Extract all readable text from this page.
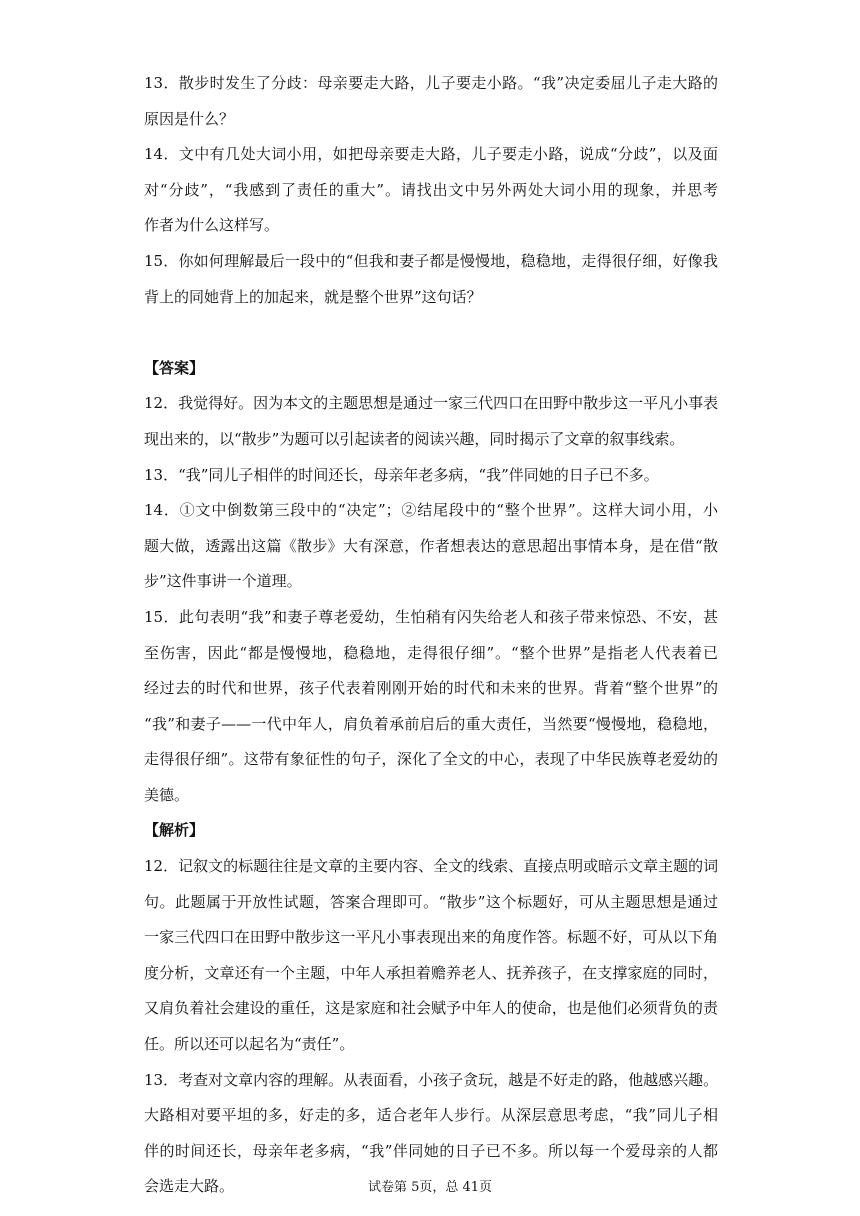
13．散步时发生了分歧：母亲要走大路，儿子要走小路。“我”决定委屈儿子走大路的
原因是什么？
14．文中有几处大词小用，如把母亲要走大路，儿子要走小路，说成“分歧”，以及面
对“分歧”，“我感到了责任的重大”。请找出文中另外两处大词小用的现象，并思考
作者为什么这样写。
15．你如何理解最后一段中的“但我和妻子都是慢慢地，稳稳地，走得很仔细，好像我
背上的同她背上的加起来，就是整个世界”这句话？
【答案】
12．我觉得好。因为本文的主题思想是通过一家三代四口在田野中散步这一平凡小事表
现出来的，以“散步”为题可以引起读者的阅读兴趣，同时揭示了文章的叙事线索。
13．“我”同儿子相伴的时间还长，母亲年老多病，“我”伴同她的日子已不多。
14．①文中倒数第三段中的“决定”；②结尾段中的“整个世界”。这样大词小用，小
题大做，透露出这篇《散步》大有深意，作者想表达的意思超出事情本身，是在借“散
步”这件事讲一个道理。
15．此句表明“我”和妻子尊老爱幼，生怕稍有闪失给老人和孩子带来惊恐、不安，甚
至伤害，因此“都是慢慢地，稳稳地，走得很仔细”。“整个世界”是指老人代表着已
经过去的时代和世界，孩子代表着刚刚开始的时代和未来的世界。背着“整个世界”的
“我”和妻子——一代中年人，肩负着承前启后的重大责任，当然要“慢慢地，稳稳地，
走得很仔细”。这带有象征性的句子，深化了全文的中心，表现了中华民族尊老爱幼的
美德。
【解析】
12．记叙文的标题往往是文章的主要内容、全文的线索、直接点明或暗示文章主题的词
句。此题属于开放性试题，答案合理即可。“散步”这个标题好，可从主题思想是通过
一家三代四口在田野中散步这一平凡小事表现出来的角度作答。标题不好，可从以下角
度分析，文章还有一个主题，中年人承担着赡养老人、抚养孩子，在支撑家庭的同时，
又肩负着社会建设的重任，这是家庭和社会赋予中年人的使命，也是他们必须背负的责
任。所以还可以起名为“责任”。
13．考查对文章内容的理解。从表面看，小孩子贪玩，越是不好走的路，他越感兴趣。
大路相对要平坦的多，好走的多，适合老年人步行。从深层意思考虑，“我”同儿子相
伴的时间还长，母亲年老多病，“我”伴同她的日子已不多。所以每一个爱母亲的人都
会选走大路。	试卷第 5页，总 41页
